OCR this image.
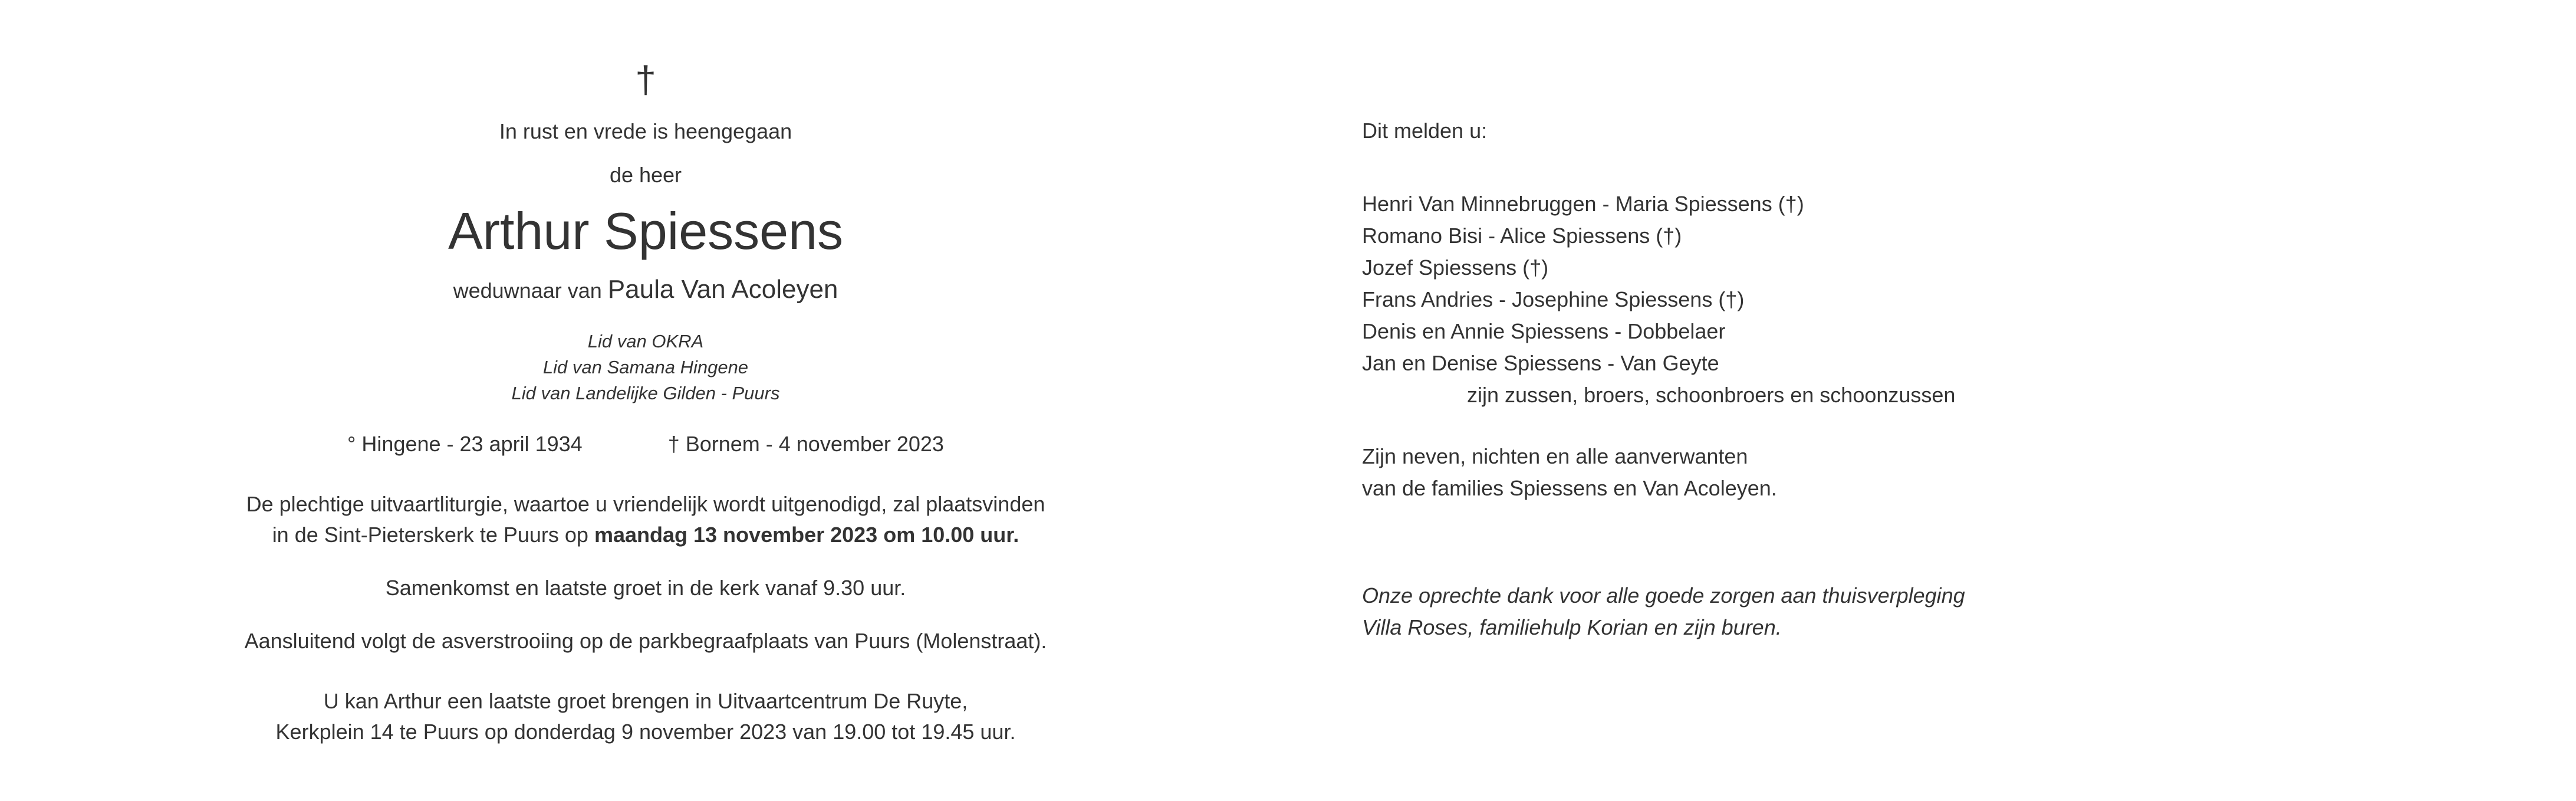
†

In rust en vrede is heengegaan

de heer

Arthur Spiessens

weduwnaar van Paula Van Acoleyen

Lid van OKRA

Lid van Samana Hingene

Lid van Landelijke Gilden - Puurs

° Hingene - 23 april 1934	† Bornem - 4 november 2023

De plechtige uitvaartliturgie, waartoe u vriendelijk wordt uitgenodigd, zal plaatsvinden

in de Sint-Pieterskerk te Puurs op maandag 13 november 2023 om 10.00 uur.

Samenkomst en laatste groet in de kerk vanaf 9.30 uur.

Aansluitend volgt de asverstrooiing op de parkbegraafplaats van Puurs (Molenstraat).

U kan Arthur een laatste groet brengen in Uitvaartcentrum De Ruyte,

Kerkplein 14 te Puurs op donderdag 9 november 2023 van 19.00 tot 19.45 uur.

Dit melden u:

Henri Van Minnebruggen - Maria Spiessens (†)

Romano Bisi - Alice Spiessens (†)

Jozef Spiessens (†)

Frans Andries - Josephine Spiessens (†)

Denis en Annie Spiessens - Dobbelaer

Jan en Denise Spiessens - Van Geyte

zijn zussen, broers, schoonbroers en schoonzussen

Zijn neven, nichten en alle aanverwanten

van de families Spiessens en Van Acoleyen.

Onze oprechte dank voor alle goede zorgen aan thuisverpleging

Villa Roses, familiehulp Korian en zijn buren.
